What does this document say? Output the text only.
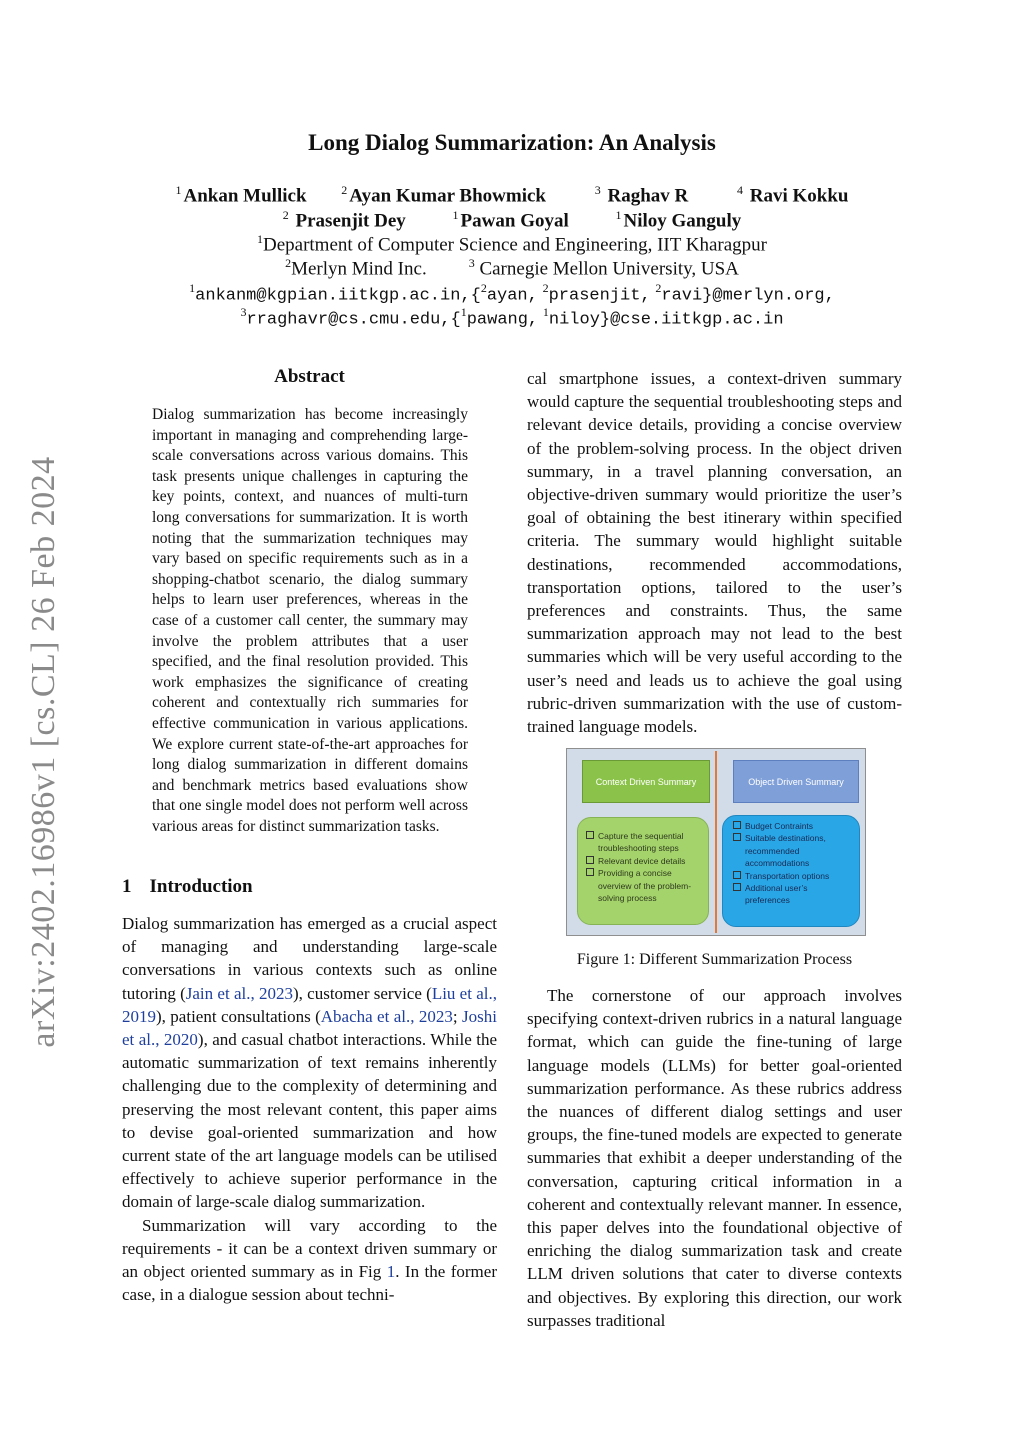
arXiv:2402.16986v1 [cs.CL] 26 Feb 2024
Long Dialog Summarization: An Analysis
$^1$ Ankan Mullick	$^2$ Ayan Kumar Bhowmick	$^3$ Raghav R	$^4$ Ravi Kokku
$^2$ Prasenjit Dey	$^1$ Pawan Goyal	$^1$ Niloy Ganguly
$^1$Department of Computer Science and Engineering, IIT Kharagpur
$^2$Merlyn Mind Inc.	$^3$ Carnegie Mellon University, USA
$^1$ankanm@kgpian.iitkgp.ac.in,{$^2$ayan, $^2$prasenjit, $^2$ravi}@merlyn.org,
$^3$rraghavr@cs.cmu.edu,{$^1$pawang, $^1$niloy}@cse.iitkgp.ac.in
Abstract
Dialog summarization has become increasingly important in managing and comprehending large-scale conversations across various domains. This task presents unique challenges in capturing the key points, context, and nuances of multi-turn long conversations for summarization. It is worth noting that the summarization techniques may vary based on specific requirements such as in a shopping-chatbot scenario, the dialog summary helps to learn user preferences, whereas in the case of a customer call center, the summary may involve the problem attributes that a user specified, and the final resolution provided. This work emphasizes the significance of creating coherent and contextually rich summaries for effective communication in various applications. We explore current state-of-the-art approaches for long dialog summarization in different domains and benchmark metrics based evaluations show that one single model does not perform well across various areas for distinct summarization tasks.
1 Introduction

Dialog summarization has emerged as a crucial aspect of managing and understanding large-scale conversations in various contexts such as online tutoring (Jain et al., 2023), customer service (Liu et al., 2019), patient consultations (Abacha et al., 2023; Joshi et al., 2020), and casual chatbot interactions. While the automatic summarization of text remains inherently challenging due to the complexity of determining and preserving the most relevant content, this paper aims to devise goal-oriented summarization and how current state of the art language models can be utilised effectively to achieve superior performance in the domain of large-scale dialog summarization.

Summarization will vary according to the requirements - it can be a context driven summary or an object oriented summary as in Fig 1. In the former case, in a dialogue session about techni-

cal smartphone issues, a context-driven summary would capture the sequential troubleshooting steps and relevant device details, providing a concise overview of the problem-solving process. In the object driven summary, in a travel planning conversation, an objective-driven summary would prioritize the user’s goal of obtaining the best itinerary within specified criteria. The summary would highlight suitable destinations, recommended accommodations, transportation options, tailored to the user’s preferences and constraints. Thus, the same summarization approach may not lead to the best summaries which will be very useful according to the user’s need and leads us to achieve the goal using rubric-driven summarization with the use of custom-trained language models.

Context Driven Summary	Object Driven Summary
Capture the sequential troubleshooting steps
Relevant device details
Providing a concise overview of the problem-solving process
Budget Contraints
Suitable destinations, recommended accommodations
Transportation options
Additional user’s preferences
Figure 1: Different Summarization Process

The cornerstone of our approach involves specifying context-driven rubrics in a natural language format, which can guide the fine-tuning of large language models (LLMs) for better goal-oriented summarization performance. As these rubrics address the nuances of different dialog settings and user groups, the fine-tuned models are expected to generate summaries that exhibit a deeper understanding of the conversation, capturing critical information in a coherent and contextually relevant manner. In essence, this paper delves into the foundational objective of enriching the dialog summarization task and create LLM driven solutions that cater to diverse contexts and objectives. By exploring this direction, our work surpasses traditional
